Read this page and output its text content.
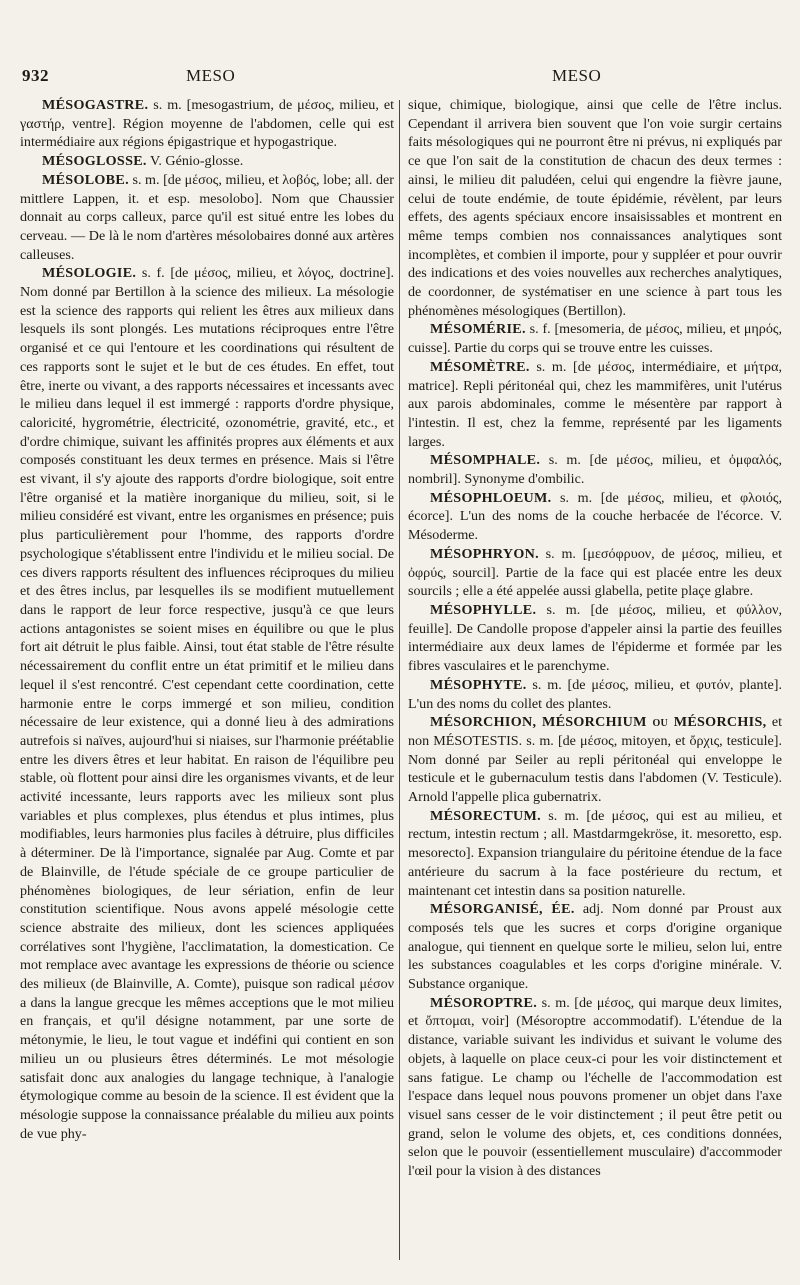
932	MESO	MESO

MÉSOGASTRE. s. m. [mesogastrium, de μέσος, milieu, et γαστήρ, ventre]. Région moyenne de l'abdomen, celle qui est intermédiaire aux régions épigastrique et hypogastrique.

MÉSOGLOSSE. V. Génio-glosse.

MÉSOLOBE. s. m. [de μέσος, milieu, et λοβός, lobe; all. der mittlere Lappen, it. et esp. mesolobo]. Nom que Chaussier donnait au corps calleux, parce qu'il est situé entre les lobes du cerveau. — De là le nom d'artères mésolobaires donné aux artères calleuses.

MÉSOLOGIE. s. f. [de μέσος, milieu, et λόγος, doctrine]. Nom donné par Bertillon à la science des milieux. La mésologie est la science des rapports qui relient les êtres aux milieux dans lesquels ils sont plongés. Les mutations réciproques entre l'être organisé et ce qui l'entoure et les coordinations qui résultent de ces rapports sont le sujet et le but de ces études. En effet, tout être, inerte ou vivant, a des rapports nécessaires et incessants avec le milieu dans lequel il est immergé : rapports d'ordre physique, caloricité, hygrométrie, électricité, ozonométrie, gravité, etc., et d'ordre chimique, suivant les affinités propres aux éléments et aux composés constituant les deux termes en présence. Mais si l'être est vivant, il s'y ajoute des rapports d'ordre biologique, soit entre l'être organisé et la matière inorganique du milieu, soit, si le milieu considéré est vivant, entre les organismes en présence; puis plus particulièrement pour l'homme, des rapports d'ordre psychologique s'établissent entre l'individu et le milieu social. De ces divers rapports résultent des influences réciproques du milieu et des êtres inclus, par lesquelles ils se modifient mutuellement dans le rapport de leur force respective, jusqu'à ce que leurs actions antagonistes se soient mises en équilibre ou que le plus fort ait détruit le plus faible. Ainsi, tout état stable de l'être résulte nécessairement du conflit entre un état primitif et le milieu dans lequel il s'est rencontré. C'est cependant cette coordination, cette harmonie entre le corps immergé et son milieu, condition nécessaire de leur existence, qui a donné lieu à des admirations autrefois si naïves, aujourd'hui si niaises, sur l'harmonie préétablie entre les divers êtres et leur habitat. En raison de l'équilibre peu stable, où flottent pour ainsi dire les organismes vivants, et de leur activité incessante, leurs rapports avec les milieux sont plus variables et plus complexes, plus étendus et plus intimes, plus modifiables, leurs harmonies plus faciles à détruire, plus difficiles à déterminer. De là l'importance, signalée par Aug. Comte et par de Blainville, de l'étude spéciale de ce groupe particulier de phénomènes biologiques, de leur sériation, enfin de leur constitution scientifique. Nous avons appelé mésologie cette science abstraite des milieux, dont les sciences appliquées corrélatives sont l'hygiène, l'acclimatation, la domestication. Ce mot remplace avec avantage les expressions de théorie ou science des milieux (de Blainville, A. Comte), puisque son radical μέσον a dans la langue grecque les mêmes acceptions que le mot milieu en français, et qu'il désigne notamment, par une sorte de métonymie, le lieu, le tout vague et indéfini qui contient en son milieu un ou plusieurs êtres déterminés. Le mot mésologie satisfait donc aux analogies du langage technique, à l'analogie étymologique comme au besoin de la science. Il est évident que la mésologie suppose la connaissance préalable du milieu aux points de vue phy-

sique, chimique, biologique, ainsi que celle de l'être inclus. Cependant il arrivera bien souvent que l'on voie surgir certains faits mésologiques qui ne pourront être ni prévus, ni expliqués par ce que l'on sait de la constitution de chacun des deux termes : ainsi, le milieu dit paludéen, celui qui engendre la fièvre jaune, celui de toute endémie, de toute épidémie, révèlent, par leurs effets, des agents spéciaux encore insaisissables et montrent en même temps combien nos connaissances analytiques sont incomplètes, et combien il importe, pour y suppléer et pour ouvrir des indications et des voies nouvelles aux recherches analytiques, de coordonner, de systématiser en une science à part tous les phénomènes mésologiques (Bertillon).

MÉSOMÉRIE. s. f. [mesomeria, de μέσος, milieu, et μηρός, cuisse]. Partie du corps qui se trouve entre les cuisses.

MÉSOMÈTRE. s. m. [de μέσος, intermédiaire, et μήτρα, matrice]. Repli péritonéal qui, chez les mammifères, unit l'utérus aux parois abdominales, comme le mésentère par rapport à l'intestin. Il est, chez la femme, représenté par les ligaments larges.

MÉSOMPHALE. s. m. [de μέσος, milieu, et ὀμφαλός, nombril]. Synonyme d'ombilic.

MÉSOPHLOEUM. s. m. [de μέσος, milieu, et φλοιός, écorce]. L'un des noms de la couche herbacée de l'écorce. V. Mésoderme.

MÉSOPHRYON. s. m. [μεσόφρυον, de μέσος, milieu, et ὀφρύς, sourcil]. Partie de la face qui est placée entre les deux sourcils ; elle a été appelée aussi glabella, petite plaçe glabre.

MÉSOPHYLLE. s. m. [de μέσος, milieu, et φύλλον, feuille]. De Candolle propose d'appeler ainsi la partie des feuilles intermédiaire aux deux lames de l'épiderme et formée par les fibres vasculaires et le parenchyme.

MÉSOPHYTE. s. m. [de μέσος, milieu, et φυτόν, plante]. L'un des noms du collet des plantes.

MÉSORCHION, MÉSORCHIUM ou MÉSORCHIS, et non MÉSOTESTIS. s. m. [de μέσος, mitoyen, et ὄρχις, testicule]. Nom donné par Seiler au repli péritonéal qui enveloppe le testicule et le gubernaculum testis dans l'abdomen (V. Testicule). Arnold l'appelle plica gubernatrix.

MÉSORECTUM. s. m. [de μέσος, qui est au milieu, et rectum, intestin rectum ; all. Mastdarmgekröse, it. mesoretto, esp. mesorecto]. Expansion triangulaire du péritoine étendue de la face antérieure du sacrum à la face postérieure du rectum, et maintenant cet intestin dans sa position naturelle.

MÉSORGANISÉ, ÉE. adj. Nom donné par Proust aux composés tels que les sucres et corps d'origine organique analogue, qui tiennent en quelque sorte le milieu, selon lui, entre les substances coagulables et les corps d'origine minérale. V. Substance organique.

MÉSOROPTRE. s. m. [de μέσος, qui marque deux limites, et ὄπτομαι, voir] (Mésoroptre accommodatif). L'étendue de la distance, variable suivant les individus et suivant le volume des objets, à laquelle on place ceux-ci pour les voir distinctement et sans fatigue. Le champ ou l'échelle de l'accommodation est l'espace dans lequel nous pouvons promener un objet dans l'axe visuel sans cesser de le voir distinctement ; il peut être petit ou grand, selon le volume des objets, et, ces conditions données, selon que le pouvoir (essentiellement musculaire) d'accommoder l'œil pour la vision à des distances
